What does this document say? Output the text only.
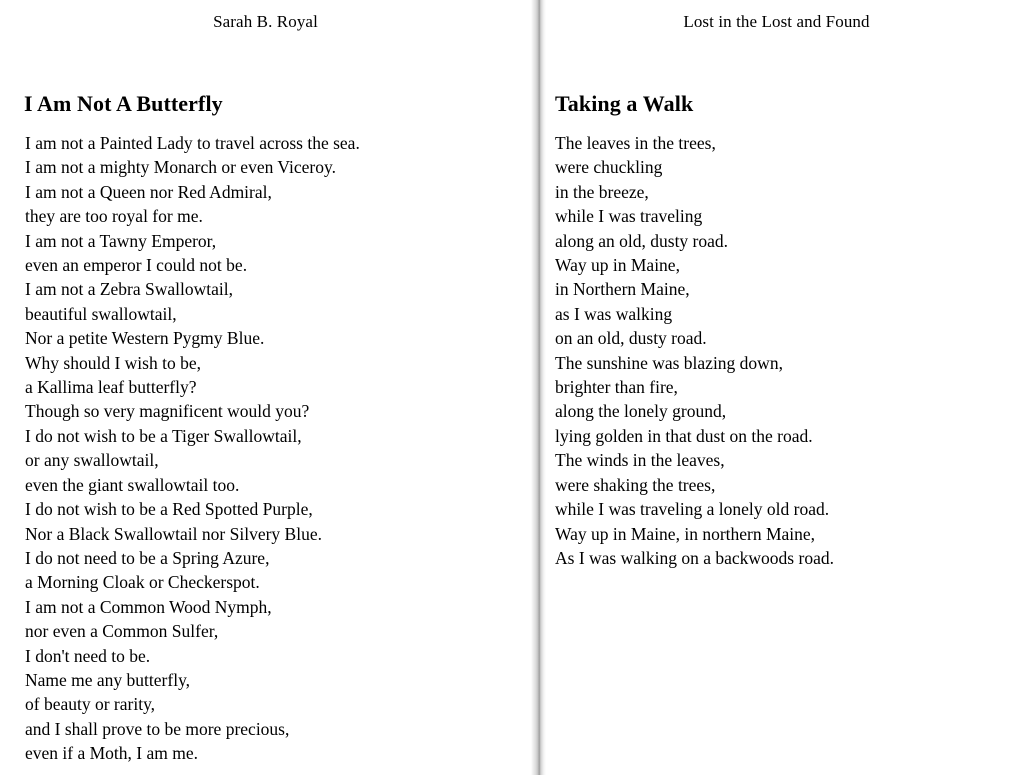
Sarah B. Royal
I Am Not A Butterfly
I am not a Painted Lady to travel across the sea.
I am not a mighty Monarch or even Viceroy.
I am not a Queen nor Red Admiral,
they are too royal for me.
I am not a Tawny Emperor,
even an emperor I could not be.
I am not a Zebra Swallowtail,
beautiful swallowtail,
Nor a petite Western Pygmy Blue.
Why should I wish to be,
a Kallima leaf butterfly?
Though so very magnificent would you?
I do not wish to be a Tiger Swallowtail,
or any swallowtail,
even the giant swallowtail too.
I do not wish to be a Red Spotted Purple,
Nor a Black Swallowtail nor Silvery Blue.
I do not need to be a Spring Azure,
a Morning Cloak or Checkerspot.
I am not a Common Wood Nymph,
nor even a Common Sulfer,
I don't need to be.
Name me any butterfly,
of beauty or rarity,
and I shall prove to be more precious,
even if a Moth, I am me.
Lost in the Lost and Found
Taking a Walk
The leaves in the trees,
were chuckling
in the breeze,
while I was traveling
along an old, dusty road.
Way up in Maine,
in Northern Maine,
as I was walking
on an old, dusty road.
The sunshine was blazing down,
brighter than fire,
along the lonely ground,
lying golden in that dust on the road.
The winds in the leaves,
were shaking the trees,
while I was traveling a lonely old road.
Way up in Maine, in northern Maine,
As I was walking on a backwoods road.
